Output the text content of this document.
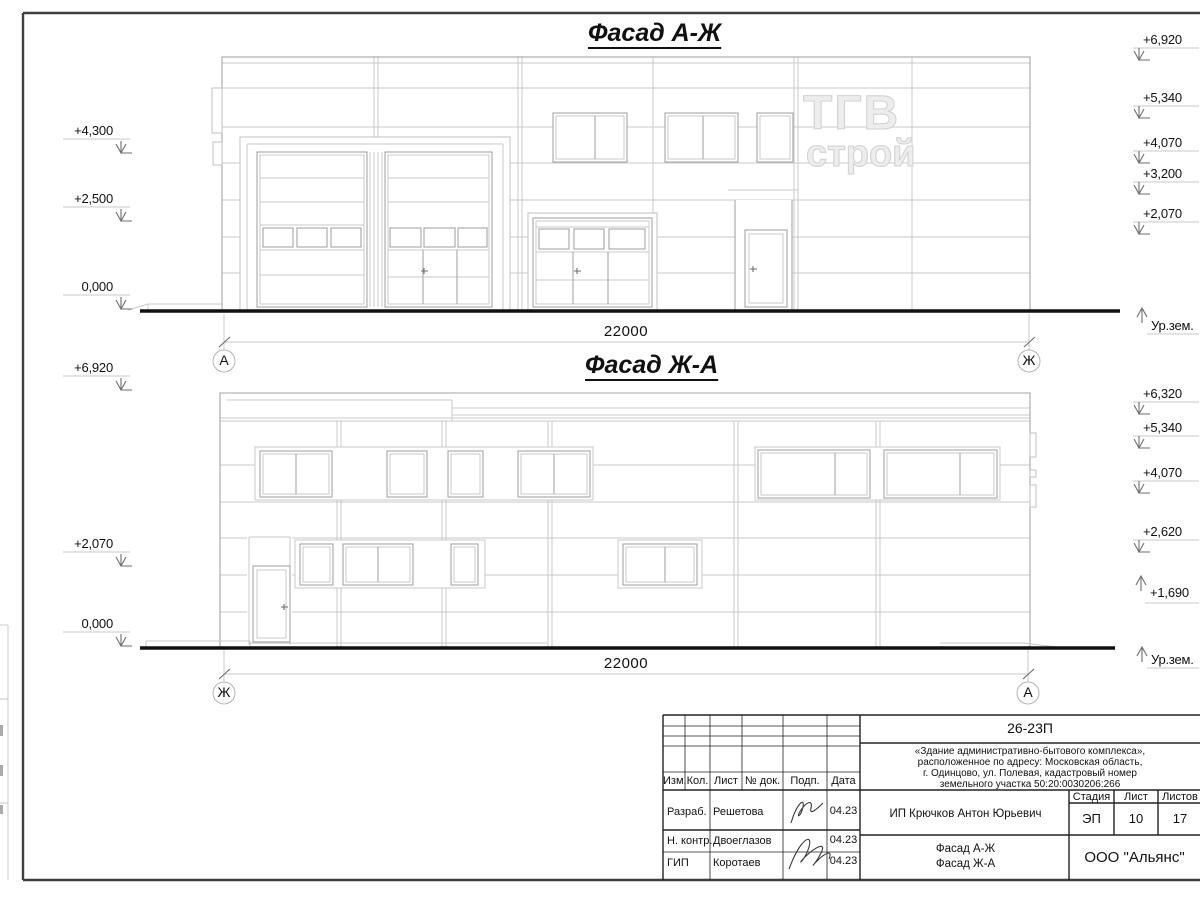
Фасад А-Ж
Фасад Ж-А
ТГВ
строй
+4,300
+2,500
0,000
+6,920
+5,340
+4,070
+3,200
+2,070
Ур.зем.
+6,920
+2,070
0,000
+6,320
+5,340
+4,070
+2,620
+1,690
Ур.зем.
22000
22000
А	Ж
Ж	А
Изм. Кол. Лист № док. Подп.	Дата
Разраб. Решетова	04.23
Н. контр. Двоеглазов	04.23
ГИП Коротаев	04.23
26-23П
«Здание административно-бытового комплекса»,
расположенное по адресу: Московская область,
г. Одинцово, ул. Полевая, кадастровый номер
земельного участка 50:20:0030206:266
ИП Крючков Антон Юрьевич
Стадия	Лист	Листов
ЭП	10	17
Фасад А-Ж
Фасад Ж-А	ООО "Альянс"
